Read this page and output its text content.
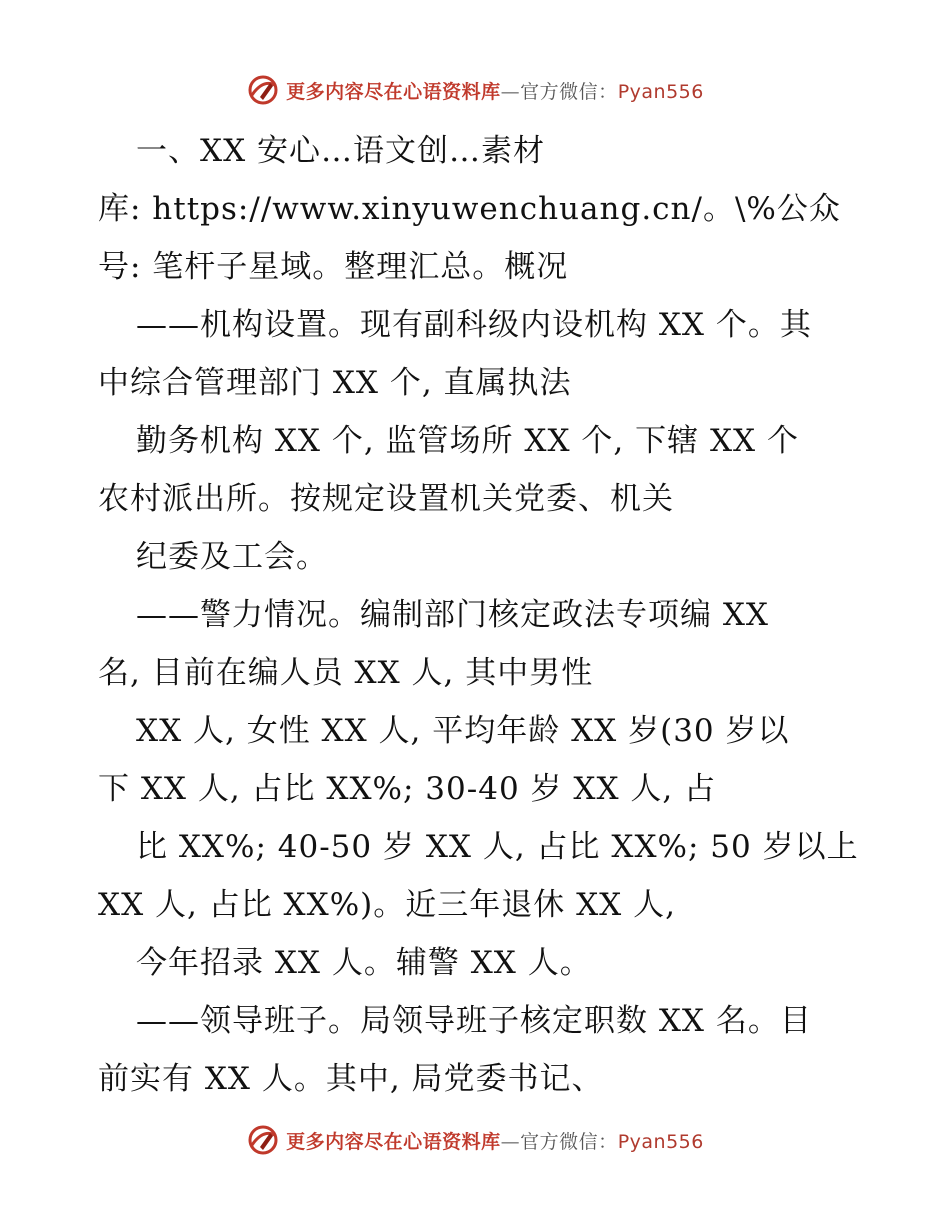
更多内容尽在心语资料库—官方微信：Pyan556
一、XX 安心…语文创…素材
库: https://www.xinyuwenchuang.cn/。\%公众
号: 笔杆子星域。整理汇总。概况
——机构设置。现有副科级内设机构 XX 个。其
中综合管理部门 XX 个, 直属执法
勤务机构 XX 个, 监管场所 XX 个, 下辖 XX 个
农村派出所。按规定设置机关党委、机关
纪委及工会。
——警力情况。编制部门核定政法专项编 XX
名, 目前在编人员 XX 人, 其中男性
XX 人, 女性 XX 人, 平均年龄 XX 岁(30 岁以
下 XX 人, 占比 XX%; 30-40 岁 XX 人, 占
比 XX%; 40-50 岁 XX 人, 占比 XX%; 50 岁以上
XX 人, 占比 XX%)。近三年退休 XX 人,
今年招录 XX 人。辅警 XX 人。
——领导班子。局领导班子核定职数 XX 名。目
前实有 XX 人。其中, 局党委书记、
更多内容尽在心语资料库—官方微信：Pyan556
